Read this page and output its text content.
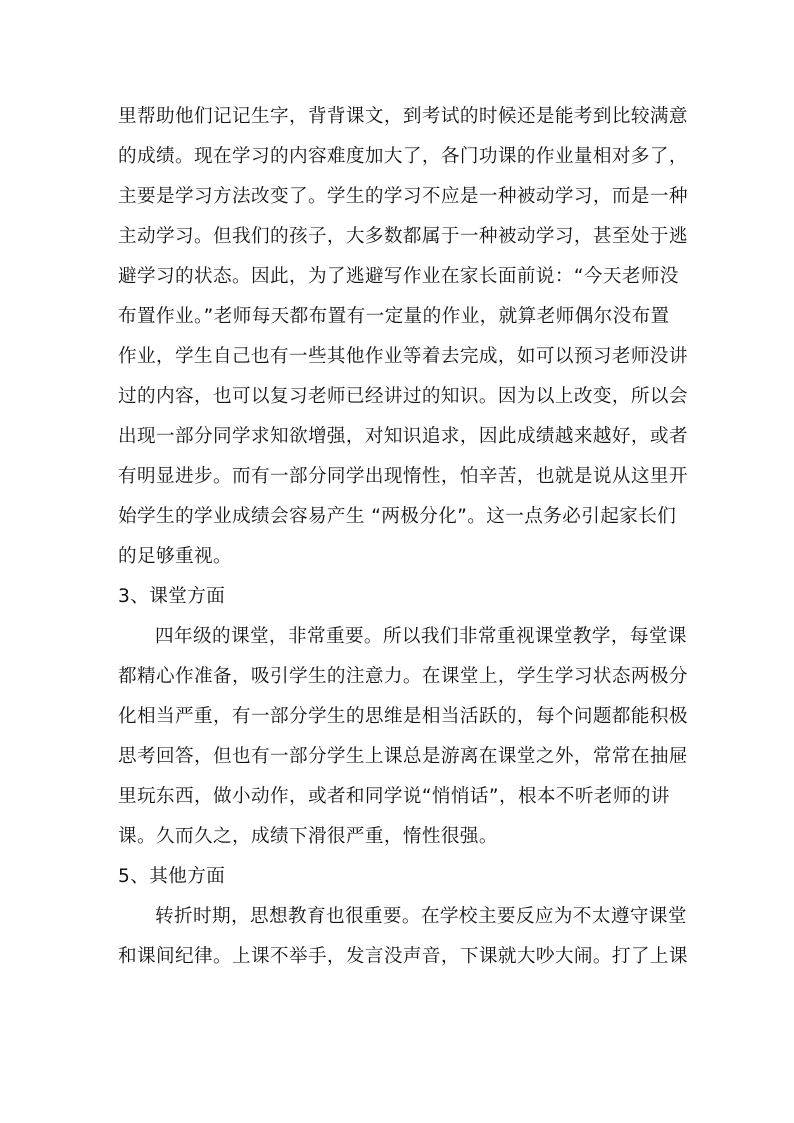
里帮助他们记记生字，背背课文，到考试的时候还是能考到比较满意
的成绩。现在学习的内容难度加大了，各门功课的作业量相对多了，
主要是学习方法改变了。学生的学习不应是一种被动学习，而是一种
主动学习。但我们的孩子，大多数都属于一种被动学习，甚至处于逃
避学习的状态。因此，为了逃避写作业在家长面前说：“今天老师没
布置作业。”老师每天都布置有一定量的作业，就算老师偶尔没布置
作业，学生自己也有一些其他作业等着去完成，如可以预习老师没讲
过的内容，也可以复习老师已经讲过的知识。因为以上改变，所以会
出现一部分同学求知欲增强，对知识追求，因此成绩越来越好，或者
有明显进步。而有一部分同学出现惰性，怕辛苦，也就是说从这里开
始学生的学业成绩会容易产生 “两极分化”。这一点务必引起家长们
的足够重视。
3、课堂方面
四年级的课堂，非常重要。所以我们非常重视课堂教学，每堂课
都精心作准备，吸引学生的注意力。在课堂上，学生学习状态两极分
化相当严重，有一部分学生的思维是相当活跃的，每个问题都能积极
思考回答，但也有一部分学生上课总是游离在课堂之外，常常在抽屉
里玩东西，做小动作，或者和同学说“悄悄话”，根本不听老师的讲
课。久而久之，成绩下滑很严重，惰性很强。
5、其他方面
转折时期，思想教育也很重要。在学校主要反应为不太遵守课堂
和课间纪律。上课不举手，发言没声音，下课就大吵大闹。打了上课
